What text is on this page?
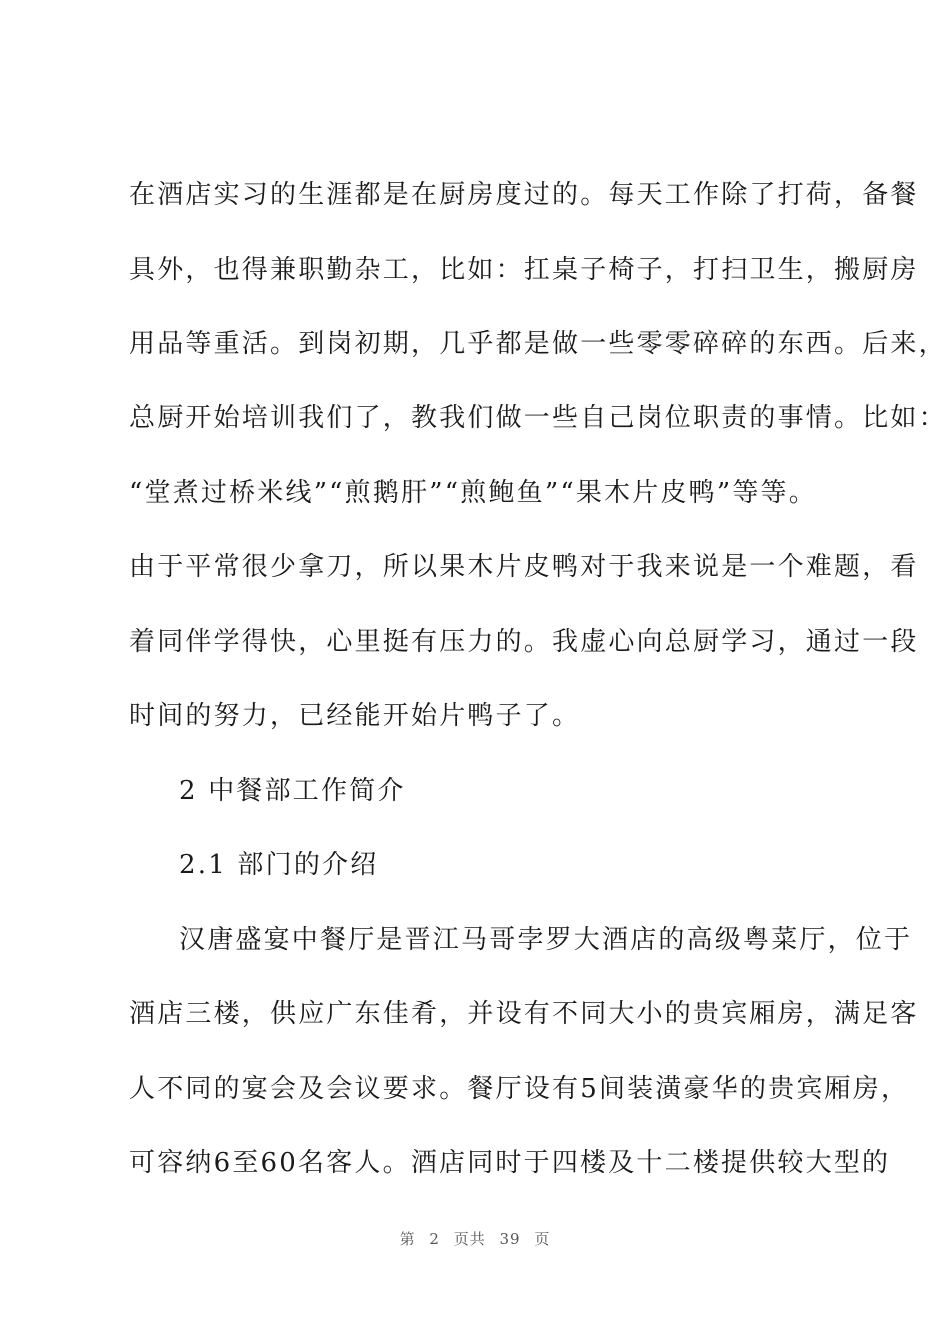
在酒店实习的生涯都是在厨房度过的。每天工作除了打荷，备餐
具外，也得兼职勤杂工，比如：扛桌子椅子，打扫卫生，搬厨房
用品等重活。到岗初期，几乎都是做一些零零碎碎的东西。后来，
总厨开始培训我们了，教我们做一些自己岗位职责的事情。比如：
“堂煮过桥米线”“煎鹅肝”“煎鲍鱼”“果木片皮鸭”等等。
由于平常很少拿刀，所以果木片皮鸭对于我来说是一个难题，看
着同伴学得快，心里挺有压力的。我虚心向总厨学习，通过一段
时间的努力，已经能开始片鸭子了。
2 中餐部工作简介
2.1 部门的介绍
汉唐盛宴中餐厅是晋江马哥孛罗大酒店的高级粤菜厅，位于
酒店三楼，供应广东佳肴，并设有不同大小的贵宾厢房，满足客
人不同的宴会及会议要求。餐厅设有5间装潢豪华的贵宾厢房，
可容纳6至60名客人。酒店同时于四楼及十二楼提供较大型的
第 2 页共 39 页
